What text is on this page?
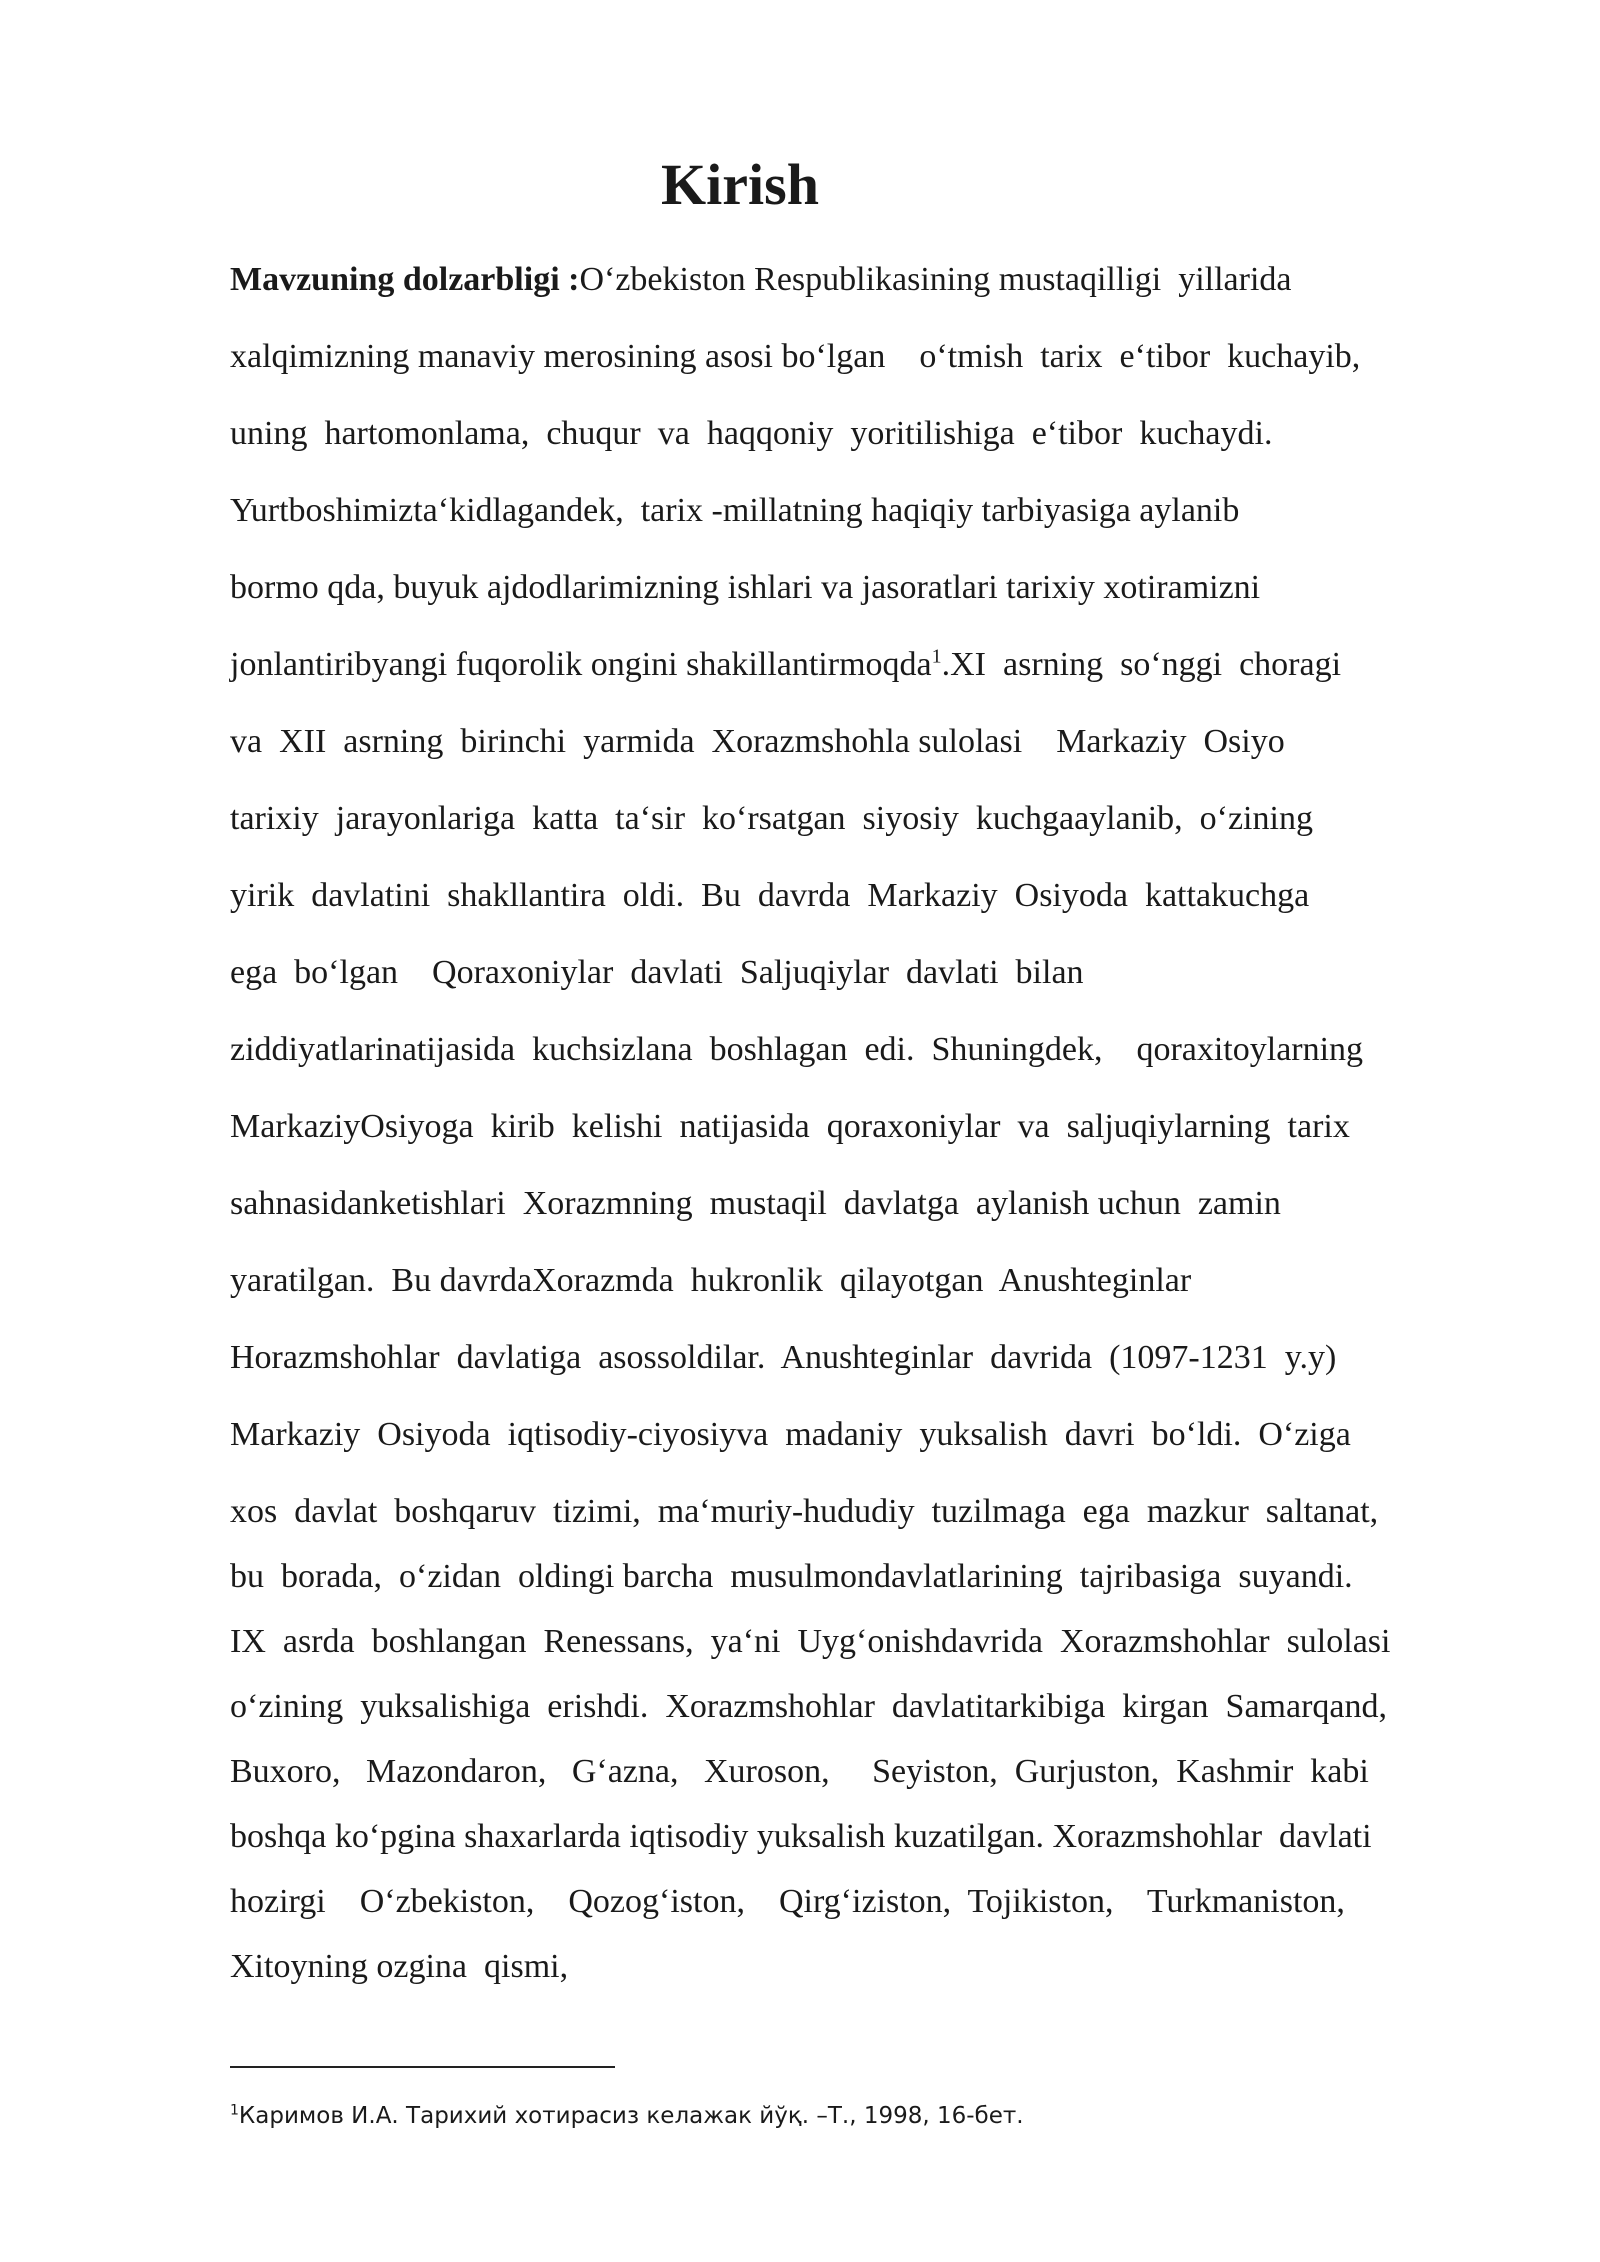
Kirish

Mavzuning dolzarbligi :O‘zbekiston Respublikasining mustaqilligi  yillarida

xalqimizning manaviy merosining asosi bo‘lgan    o‘tmish  tarix  e‘tibor  kuchayib,

uning  hartomonlama,  chuqur  va  haqqoniy  yoritilishiga  e‘tibor  kuchaydi.

Yurtboshimizta‘kidlagandek,  tarix -millatning haqiqiy tarbiyasiga aylanib

bormo qda, buyuk ajdodlarimizning ishlari va jasoratlari tarixiy xotiramizni

jonlantiribyangi fuqorolik ongini shakillantirmoqda$^1$.XI  asrning  so‘nggi  choragi

va  XII  asrning  birinchi  yarmida  Xorazmshohla sulolasi    Markaziy  Osiyo

tarixiy  jarayonlariga  katta  ta‘sir  ko‘rsatgan  siyosiy  kuchgaaylanib,  o‘zining

yirik  davlatini  shakllantira  oldi.  Bu  davrda  Markaziy  Osiyoda  kattakuchga

ega  bo‘lgan    Qoraxoniylar  davlati  Saljuqiylar  davlati  bilan

ziddiyatlarinatijasida  kuchsizlana  boshlagan  edi.  Shuningdek,    qoraxitoylarning

MarkaziyOsiyoga  kirib  kelishi  natijasida  qoraxoniylar  va  saljuqiylarning  tarix

sahnasidanketishlari  Xorazmning  mustaqil  davlatga  aylanish uchun  zamin

yaratilgan.  Bu davrdaXorazmda  hukronlik  qilayotgan  Anushteginlar

Horazmshohlar  davlatiga  asossoldilar.  Anushteginlar  davrida  (1097-1231  y.y)

Markaziy  Osiyoda  iqtisodiy-ciyosiyva  madaniy  yuksalish  davri  bo‘ldi.  O‘ziga

xos  davlat  boshqaruv  tizimi,  ma‘muriy-hududiy  tuzilmaga  ega  mazkur  saltanat,

bu  borada,  o‘zidan  oldingi barcha  musulmondavlatlarining  tajribasiga  suyandi.

IX  asrda  boshlangan  Renessans,  ya‘ni  Uyg‘onishdavrida  Xorazmshohlar  sulolasi

o‘zining  yuksalishiga  erishdi.  Xorazmshohlar  davlatitarkibiga  kirgan  Samarqand,

Buxoro,   Mazondaron,   G‘azna,   Xuroson,     Seyiston,  Gurjuston,  Kashmir  kabi

boshqa ko‘pgina shaxarlarda iqtisodiy yuksalish kuzatilgan. Xorazmshohlar  davlati

hozirgi    O‘zbekiston,    Qozog‘iston,    Qirg‘iziston,  Tojikiston,    Turkmaniston,

Xitoyning ozgina  qismi,

$^1$Каримов И.А. Тарихий хотирасиз келажак йўқ. –Т., 1998, 16-бет.
